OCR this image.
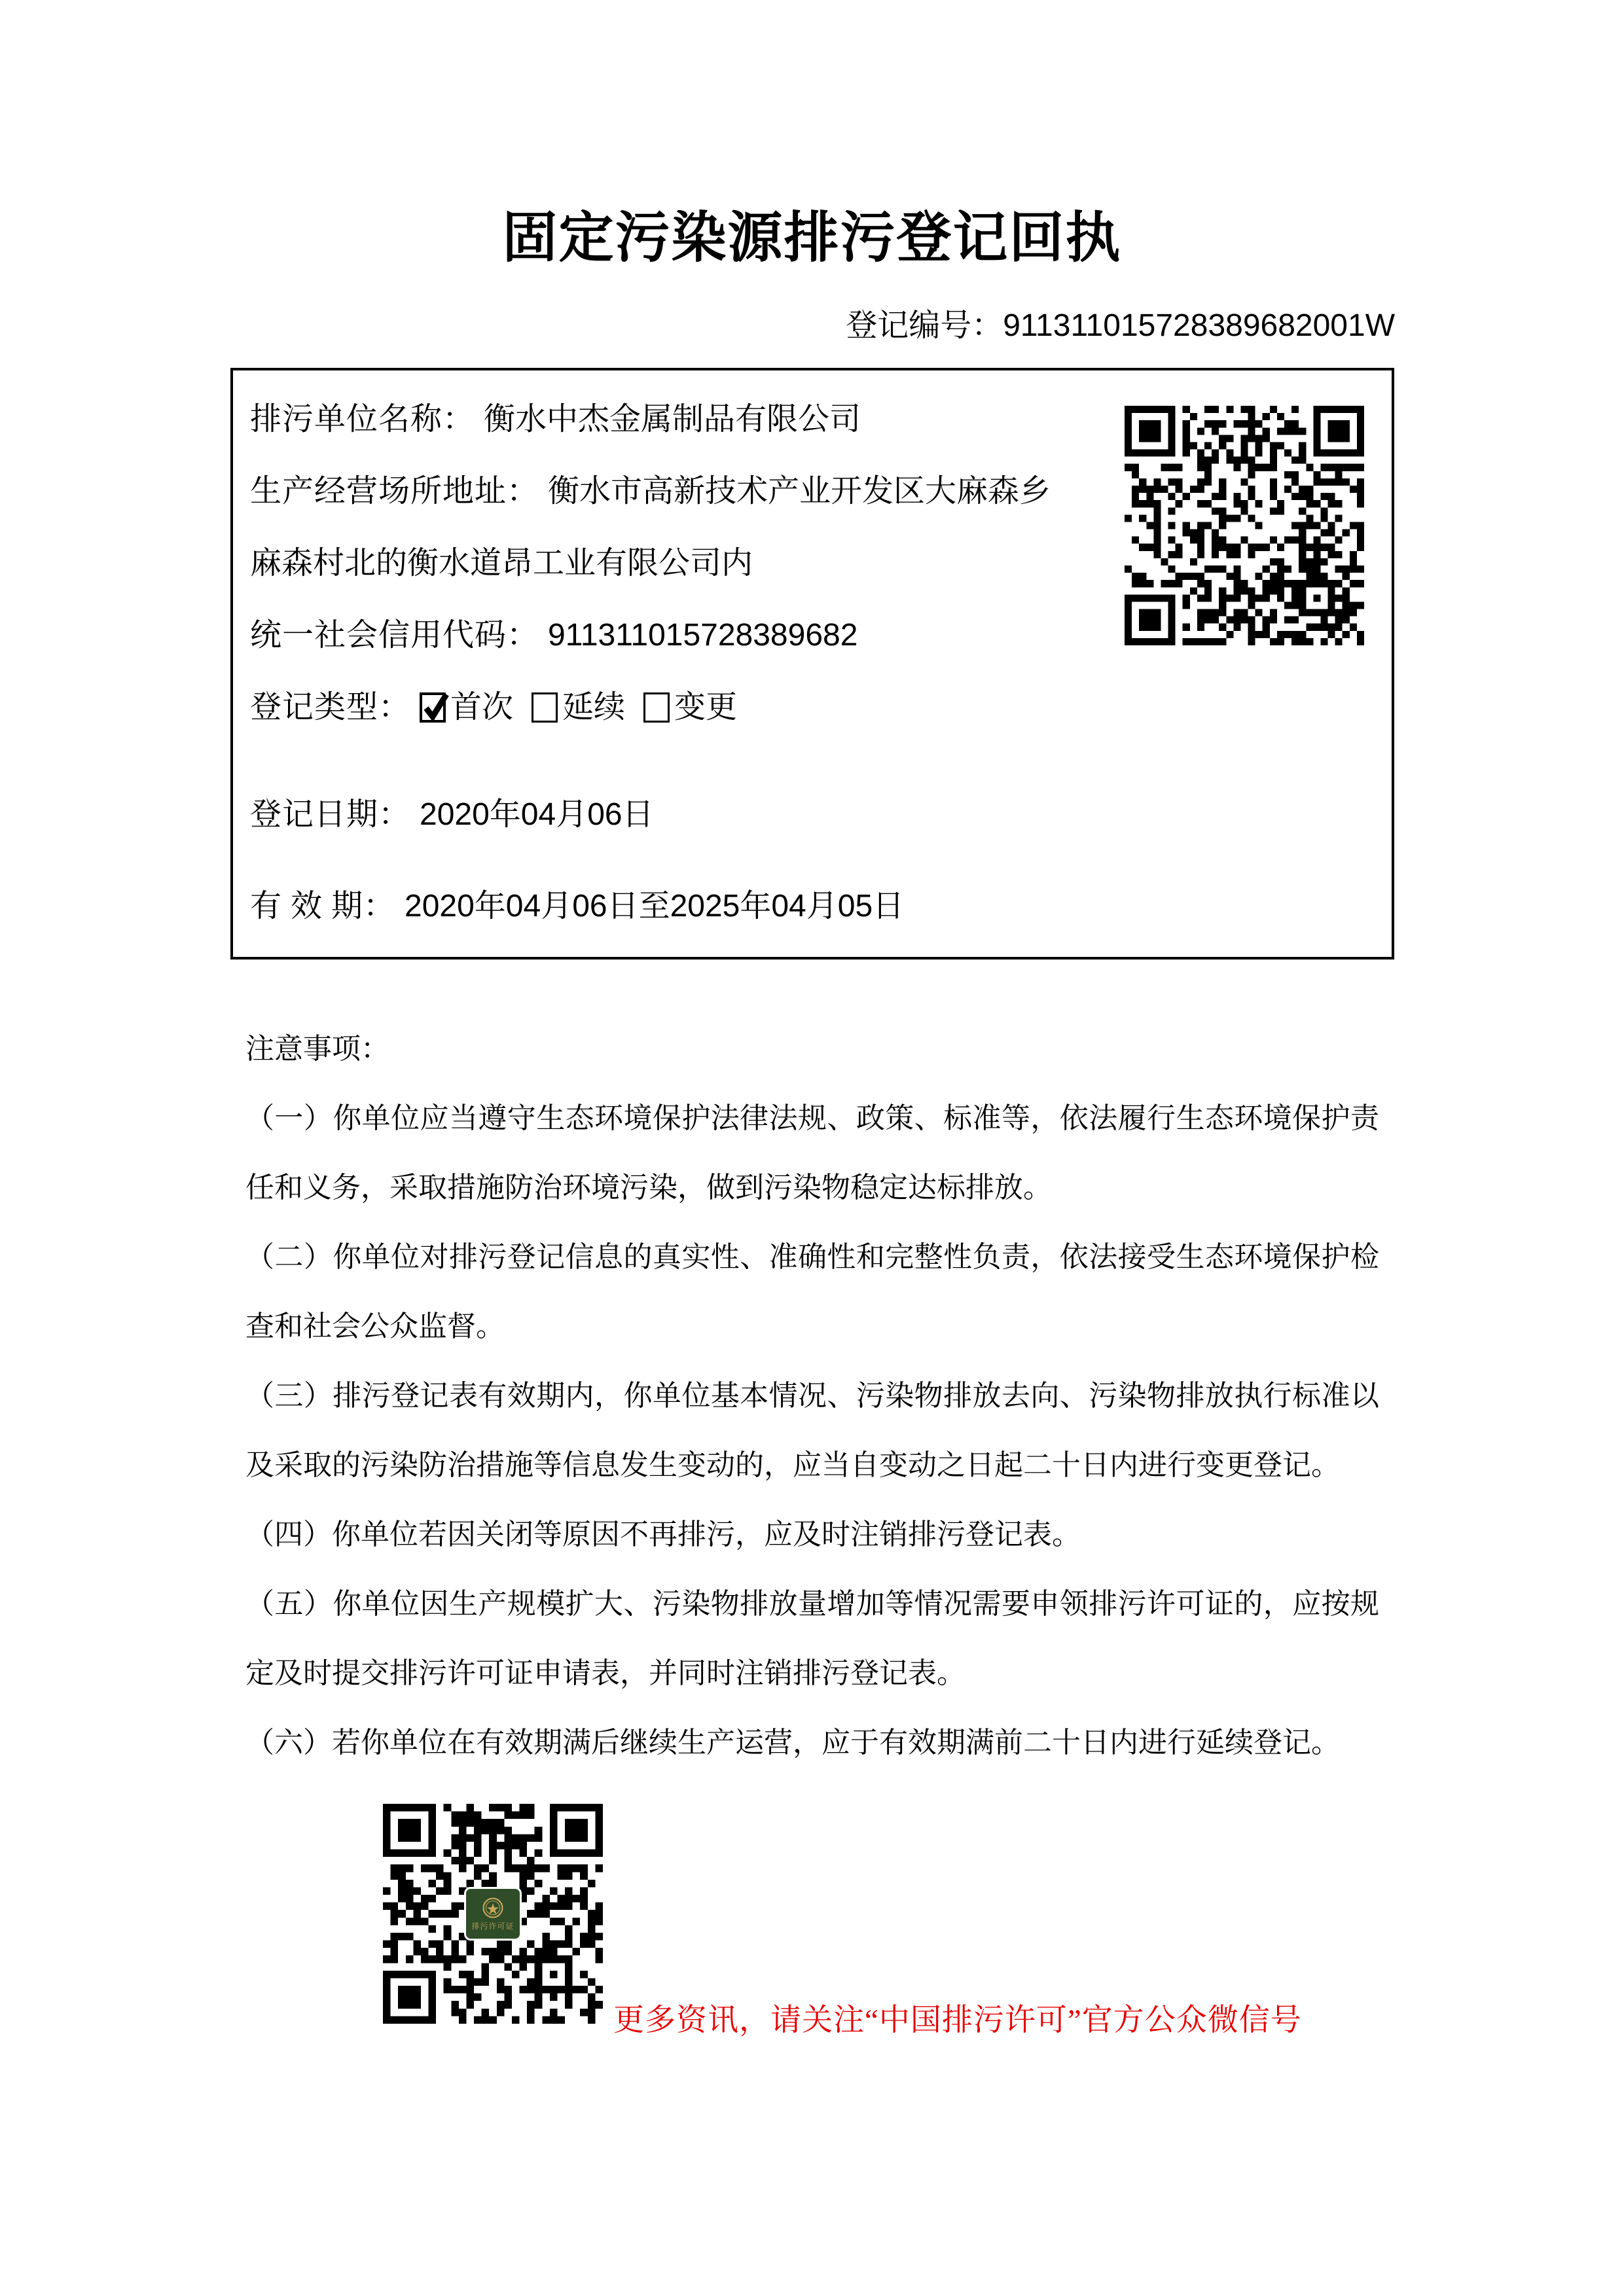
固定污染源排污登记回执
登记编号：911311015728389682001W
排污单位名称： 衡水中杰金属制品有限公司
生产经营场所地址： 衡水市高新技术产业开发区大麻森乡麻森村北的衡水道昂工业有限公司内
统一社会信用代码： 911311015728389682
登记类型： 首次 延续 变更
登记日期： 2020年04月06日
有 效 期： 2020年04月06日至2025年04月05日
注意事项：
（一）你单位应当遵守生态环境保护法律法规、政策、标准等，依法履行生态环境保护责任和义务，采取措施防治环境污染，做到污染物稳定达标排放。
（二）你单位对排污登记信息的真实性、准确性和完整性负责，依法接受生态环境保护检查和社会公众监督。
（三）排污登记表有效期内，你单位基本情况、污染物排放去向、污染物排放执行标准以及采取的污染防治措施等信息发生变动的，应当自变动之日起二十日内进行变更登记。
（四）你单位若因关闭等原因不再排污，应及时注销排污登记表。
（五）你单位因生产规模扩大、污染物排放量增加等情况需要申领排污许可证的，应按规定及时提交排污许可证申请表，并同时注销排污登记表。
（六）若你单位在有效期满后继续生产运营，应于有效期满前二十日内进行延续登记。
排污许可证
更多资讯，请关注“中国排污许可”官方公众微信号
